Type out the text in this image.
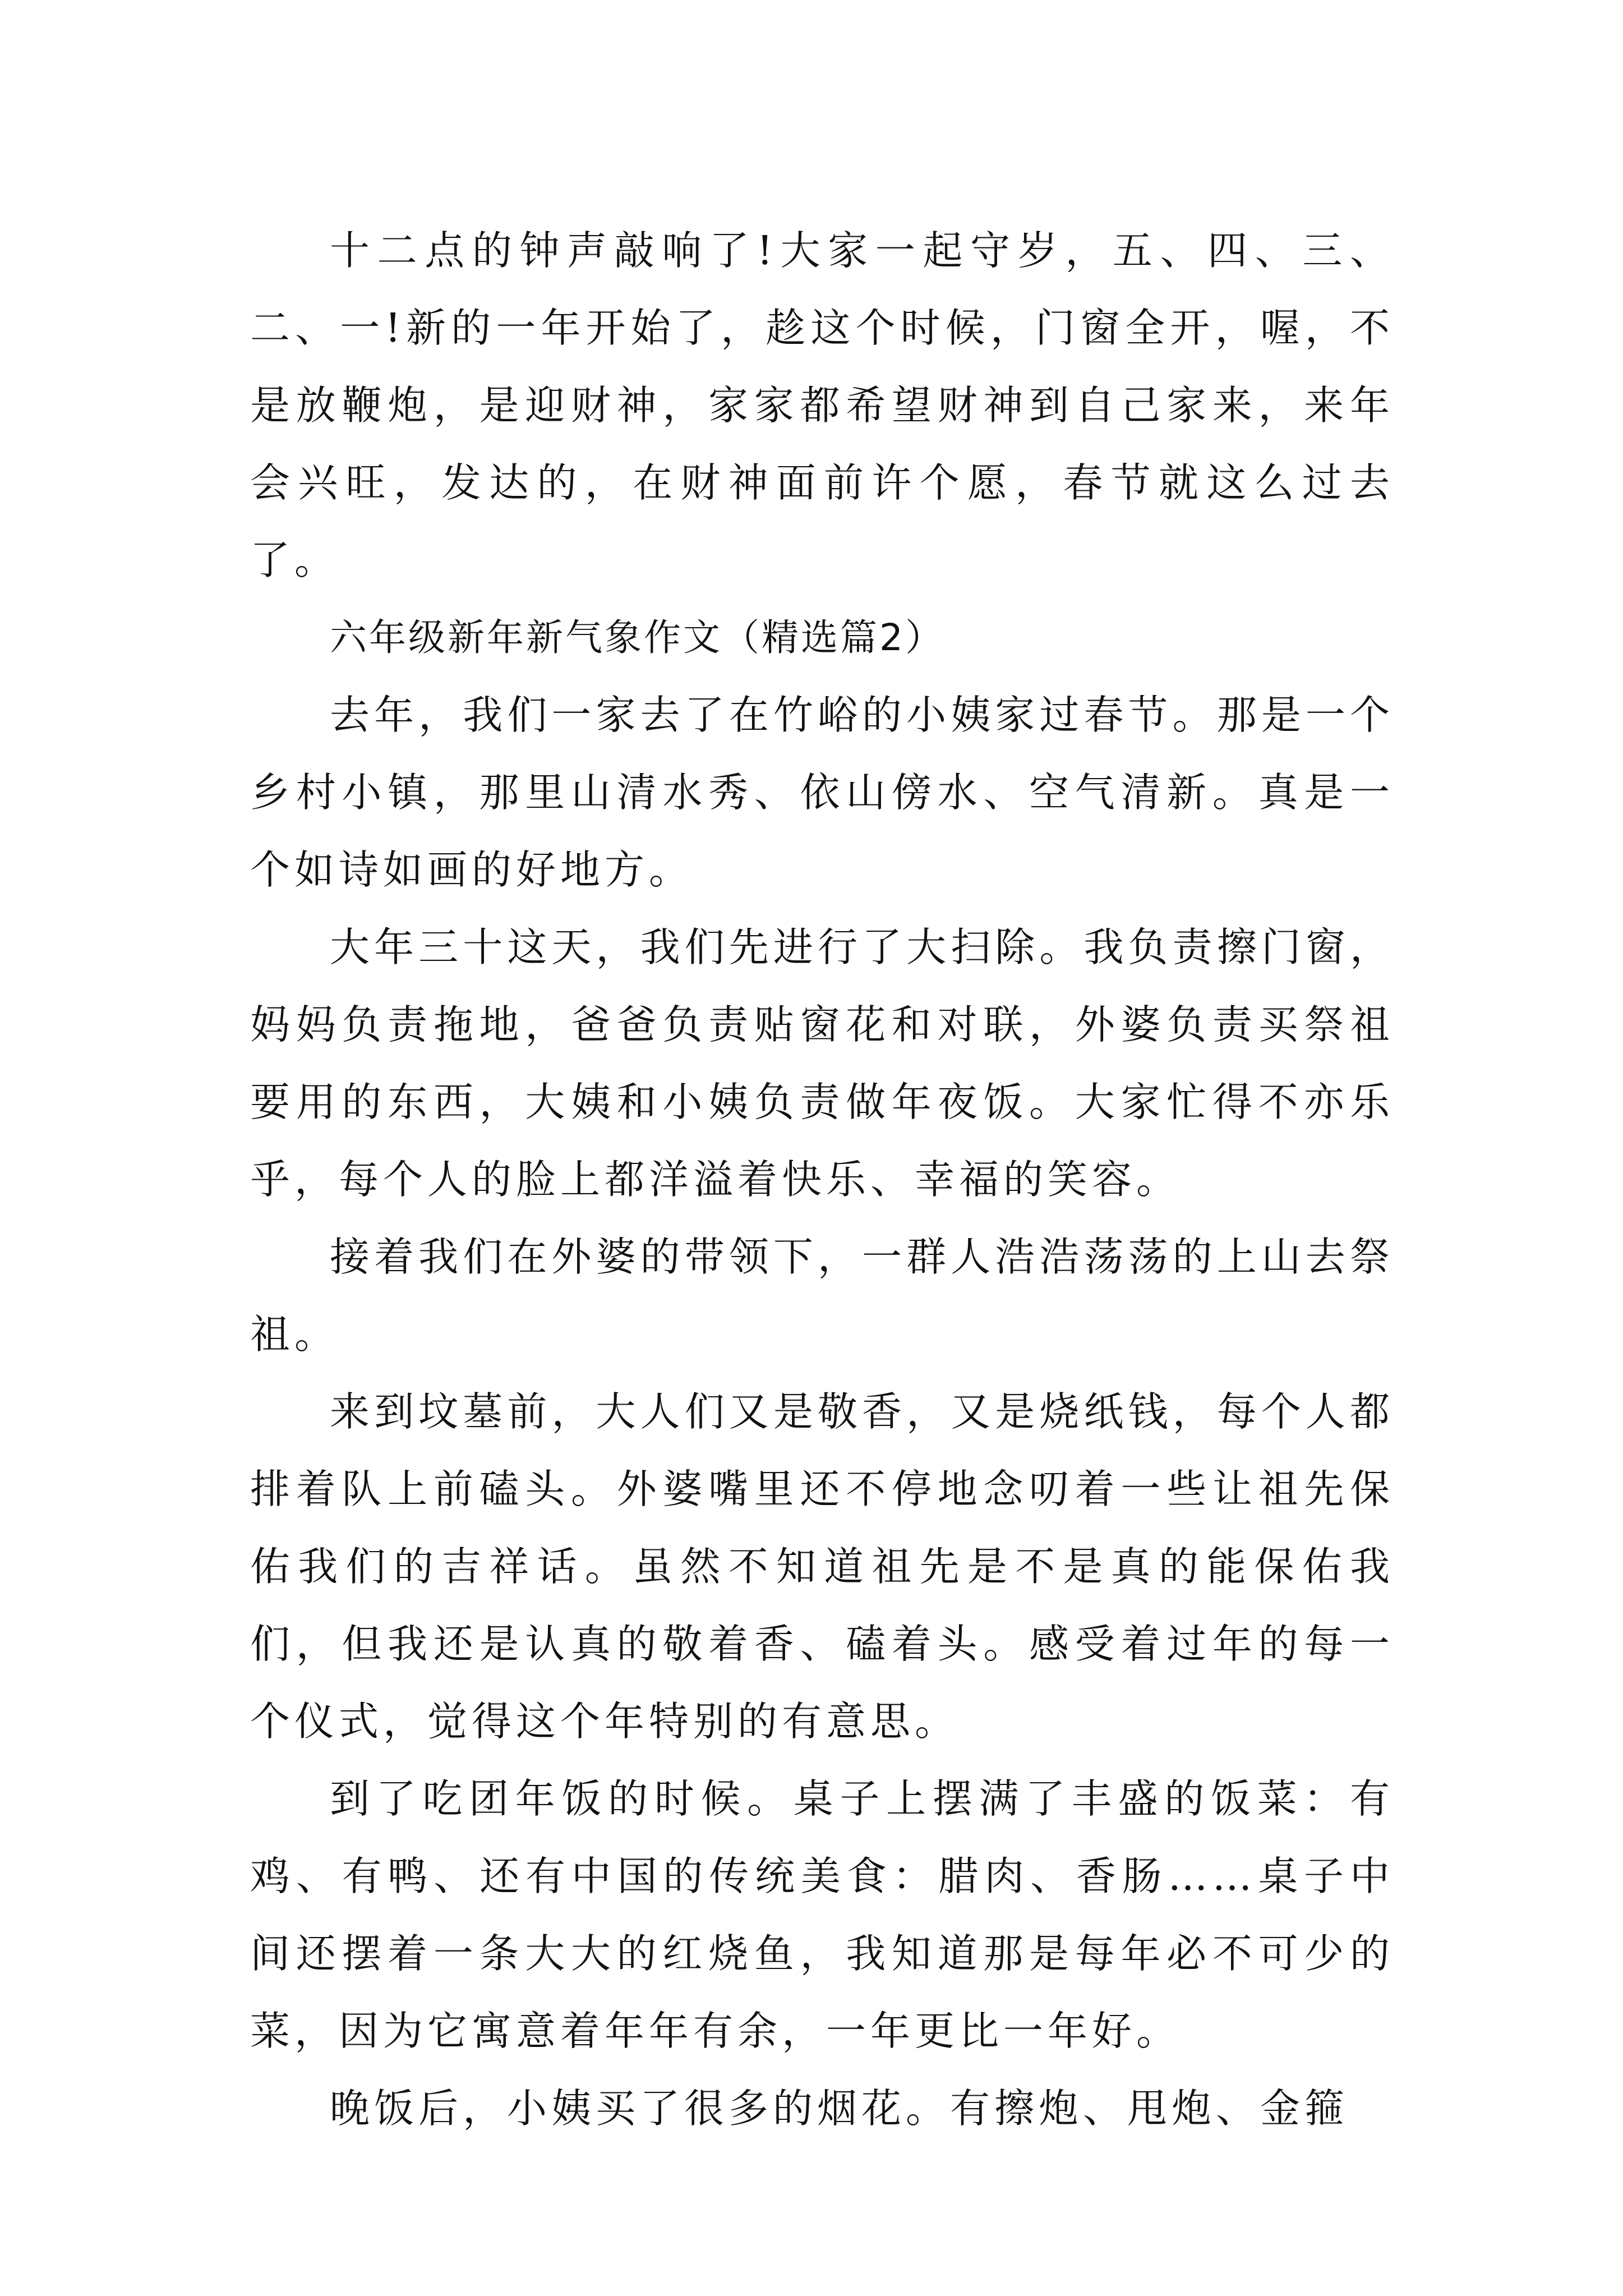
十二点的钟声敲响了!大家一起守岁，五、四、三、二、一!新的一年开始了，趁这个时候，门窗全开，喔，不是放鞭炮，是迎财神，家家都希望财神到自己家来，来年会兴旺，发达的，在财神面前许个愿，春节就这么过去了。

六年级新年新气象作文（精选篇2）

去年，我们一家去了在竹峪的小姨家过春节。那是一个乡村小镇，那里山清水秀、依山傍水、空气清新。真是一个如诗如画的好地方。

大年三十这天，我们先进行了大扫除。我负责擦门窗，妈妈负责拖地，爸爸负责贴窗花和对联，外婆负责买祭祖要用的东西，大姨和小姨负责做年夜饭。大家忙得不亦乐乎，每个人的脸上都洋溢着快乐、幸福的笑容。

接着我们在外婆的带领下，一群人浩浩荡荡的上山去祭祖。

来到坟墓前，大人们又是敬香，又是烧纸钱，每个人都排着队上前磕头。外婆嘴里还不停地念叨着一些让祖先保佑我们的吉祥话。虽然不知道祖先是不是真的能保佑我们，但我还是认真的敬着香、磕着头。感受着过年的每一个仪式，觉得这个年特别的有意思。

到了吃团年饭的时候。桌子上摆满了丰盛的饭菜：有鸡、有鸭、还有中国的传统美食：腊肉、香肠……桌子中间还摆着一条大大的红烧鱼，我知道那是每年必不可少的菜，因为它寓意着年年有余，一年更比一年好。

晚饭后，小姨买了很多的烟花。有擦炮、甩炮、金箍
